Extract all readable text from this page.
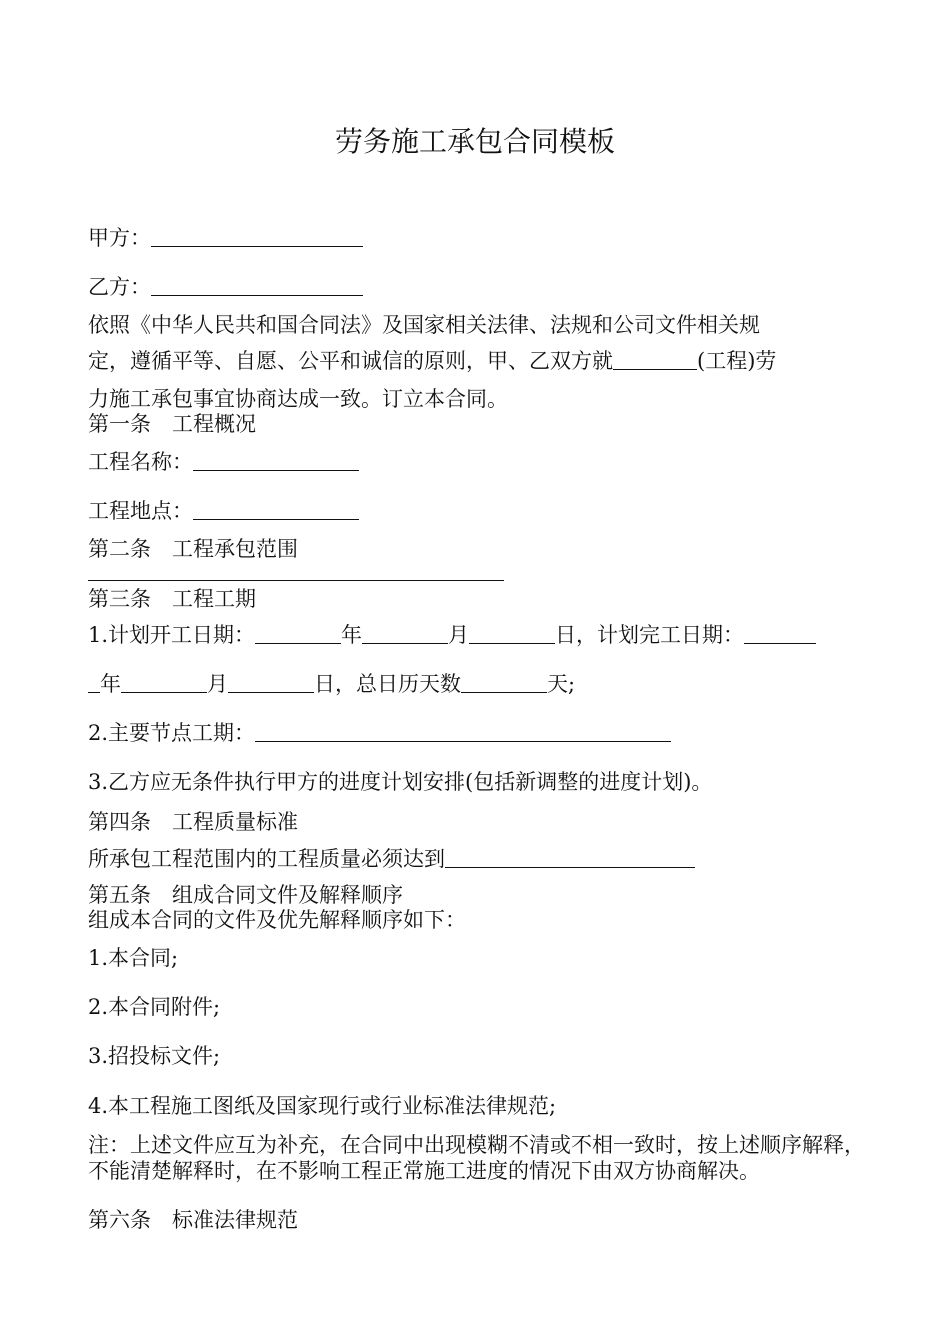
劳务施工承包合同模板
甲方：
乙方：
依照《中华人民共和国合同法》及国家相关法律、法规和公司文件相关规
定，遵循平等、自愿、公平和诚信的原则，甲、乙双方就	(工程)劳
力施工承包事宜协商达成一致。订立本合同。
第一条　工程概况
工程名称：
工程地点：
第二条　工程承包范围
第三条　工程工期
1.计划开工日期：	年	月	日，计划完工日期：
年	月	日，总日历天数	天;
2.主要节点工期：
3.乙方应无条件执行甲方的进度计划安排(包括新调整的进度计划)。
第四条　工程质量标准
所承包工程范围内的工程质量必须达到
第五条　组成合同文件及解释顺序
组成本合同的文件及优先解释顺序如下：
1.本合同;
2.本合同附件;
3.招投标文件;
4.本工程施工图纸及国家现行或行业标准法律规范;
注：上述文件应互为补充，在合同中出现模糊不清或不相一致时，按上述顺序解释，不能清楚解释时，在不影响工程正常施工进度的情况下由双方协商解决。
第六条　标准法律规范
